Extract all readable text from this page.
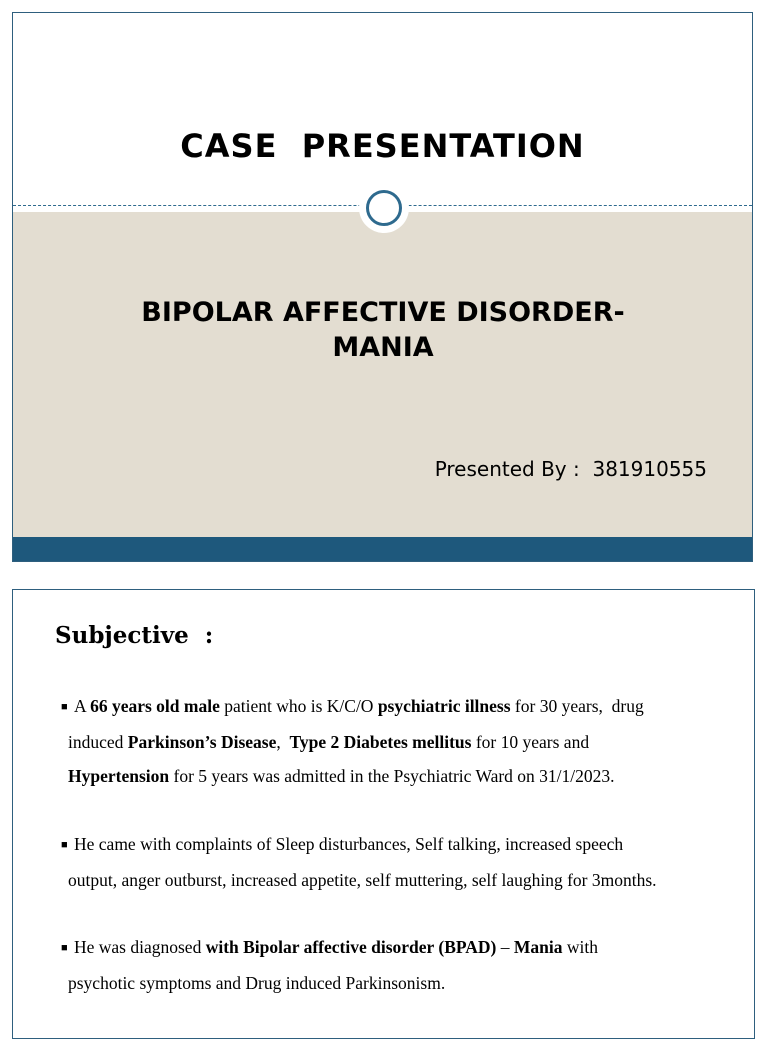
CASE  PRESENTATION
BIPOLAR AFFECTIVE DISORDER-
MANIA
Presented By : 381910555
Subjective  :
■ A 66 years old male patient who is K/C/O psychiatric illness for 30 years,  drug
induced Parkinson’s Disease,  Type 2 Diabetes mellitus for 10 years and
Hypertension for 5 years was admitted in the Psychiatric Ward on 31/1/2023.
■ He came with complaints of Sleep disturbances, Self talking, increased speech
output, anger outburst, increased appetite, self muttering, self laughing for 3months.
■ He was diagnosed with Bipolar affective disorder (BPAD) – Mania with
psychotic symptoms and Drug induced Parkinsonism.
